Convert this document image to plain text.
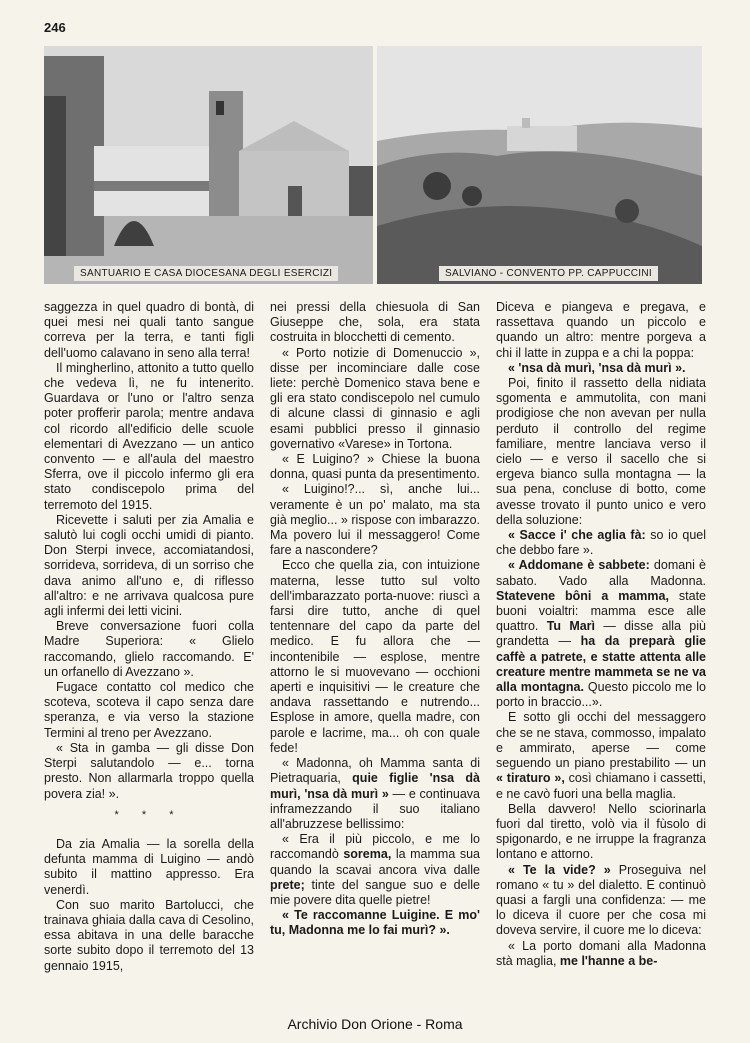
246
SANTUARIO E CASA DIOCESANA DEGLI ESERCIZI	SALVIANO - CONVENTO PP. CAPPUCCINI

saggezza in quel quadro di bontà, di quei mesi nei quali tanto sangue correva per la terra, e tanti figli dell'uomo calavano in seno alla terra!

Il mingherlino, attonito a tutto quello che vedeva lì, ne fu intenerito. Guardava or l'uno or l'altro senza poter profferir parola; mentre andava col ricordo all'edificio delle scuole elementari di Avezzano — un antico convento — e all'aula del maestro Sferra, ove il piccolo infermo gli era stato condiscepolo prima del terremoto del 1915.

Ricevette i saluti per zia Amalia e salutò lui cogli occhi umidi di pianto. Don Sterpi invece, accomiatandosi, sorrideva, sorrideva, di un sorriso che dava animo all'uno e, di riflesso all'altro: e ne arrivava qualcosa pure agli infermi dei letti vicini.

Breve conversazione fuori colla Madre Superiora: « Glielo raccomando, glielo raccomando. E' un orfanello di Avezzano ».

Fugace contatto col medico che scoteva, scoteva il capo senza dare speranza, e via verso la stazione Termini al treno per Avezzano.

« Sta in gamba — gli disse Don Sterpi salutandolo — e... torna presto. Non allarmarla troppo quella povera zia! ».

* * *

Da zia Amalia — la sorella della defunta mamma di Luigino — andò subito il mattino appresso. Era venerdì.

Con suo marito Bartolucci, che trainava ghiaia dalla cava di Cesolino, essa abitava in una delle baracche sorte subito dopo il terremoto del 13 gennaio 1915,

nei pressi della chiesuola di San Giuseppe che, sola, era stata costruita in blocchetti di cemento.

« Porto notizie di Domenuccio », disse per incominciare dalle cose liete: perchè Domenico stava bene e gli era stato condiscepolo nel cumulo di alcune classi di ginnasio e agli esami pubblici presso il ginnasio governativo «Varese» in Tortona.

« E Luigino? » Chiese la buona donna, quasi punta da presentimento.

« Luigino!?... sì, anche lui... veramente è un po' malato, ma sta già meglio... » rispose con imbarazzo. Ma povero lui il messaggero! Come fare a nascondere?

Ecco che quella zia, con intuizione materna, lesse tutto sul volto dell'imbarazzato porta-nuove: riuscì a farsi dire tutto, anche di quel tentennare del capo da parte del medico. E fu allora che — incontenibile — esplose, mentre attorno le si muovevano — occhioni aperti e inquisitivi — le creature che andava rassettando e nutrendo... Esplose in amore, quella madre, con parole e lacrime, ma... oh con quale fede!

« Madonna, oh Mamma santa di Pietraquaria, quie figlie 'nsa dà murì, 'nsa dà murì » — e continuava inframezzando il suo italiano all'abruzzese bellissimo:

« Era il più piccolo, e me lo raccomandò sorema, la mamma sua quando la scavai ancora viva dalle prete; tinte del sangue suo e delle mie povere dita quelle pietre!

« Te raccomanne Luigine. E mo' tu, Madonna me lo fai murì? ».

Diceva e piangeva e pregava, e rassettava quando un piccolo e quando un altro: mentre porgeva a chi il latte in zuppa e a chi la poppa:

« 'nsa dà murì, 'nsa dà murì ».

Poi, finito il rassetto della nidiata sgomenta e ammutolita, con mani prodigiose che non avevan per nulla perduto il controllo del regime familiare, mentre lanciava verso il cielo — e verso il sacello che si ergeva bianco sulla montagna — la sua pena, concluse di botto, come avesse trovato il punto unico e vero della soluzione:

« Sacce i' che aglia fà: so io quel che debbo fare ».

« Addomane è sabbete: domani è sabato. Vado alla Madonna. Statevene bôni a mamma, state buoni voialtri: mamma esce alle quattro. Tu Marì — disse alla più grandetta — ha da preparà glie caffè a patrete, e statte attenta alle creature mentre mammeta se ne va alla montagna. Questo piccolo me lo porto in braccio...».

E sotto gli occhi del messaggero che se ne stava, commosso, impalato e ammirato, aperse — come seguendo un piano prestabilito — un « tiraturo », così chiamano i cassetti, e ne cavò fuori una bella maglia.

Bella davvero! Nello sciorinarla fuori dal tiretto, volò via il fùsolo di spigonardo, e ne irruppe la fragranza lontano e attorno.

« Te la vide? » Proseguiva nel romano « tu » del dialetto. E continuò quasi a fargli una confidenza: — me lo diceva il cuore per che cosa mi doveva servire, il cuore me lo diceva:

« La porto domani alla Madonna stà maglia, me l'hanne a be-

Archivio Don Orione - Roma
